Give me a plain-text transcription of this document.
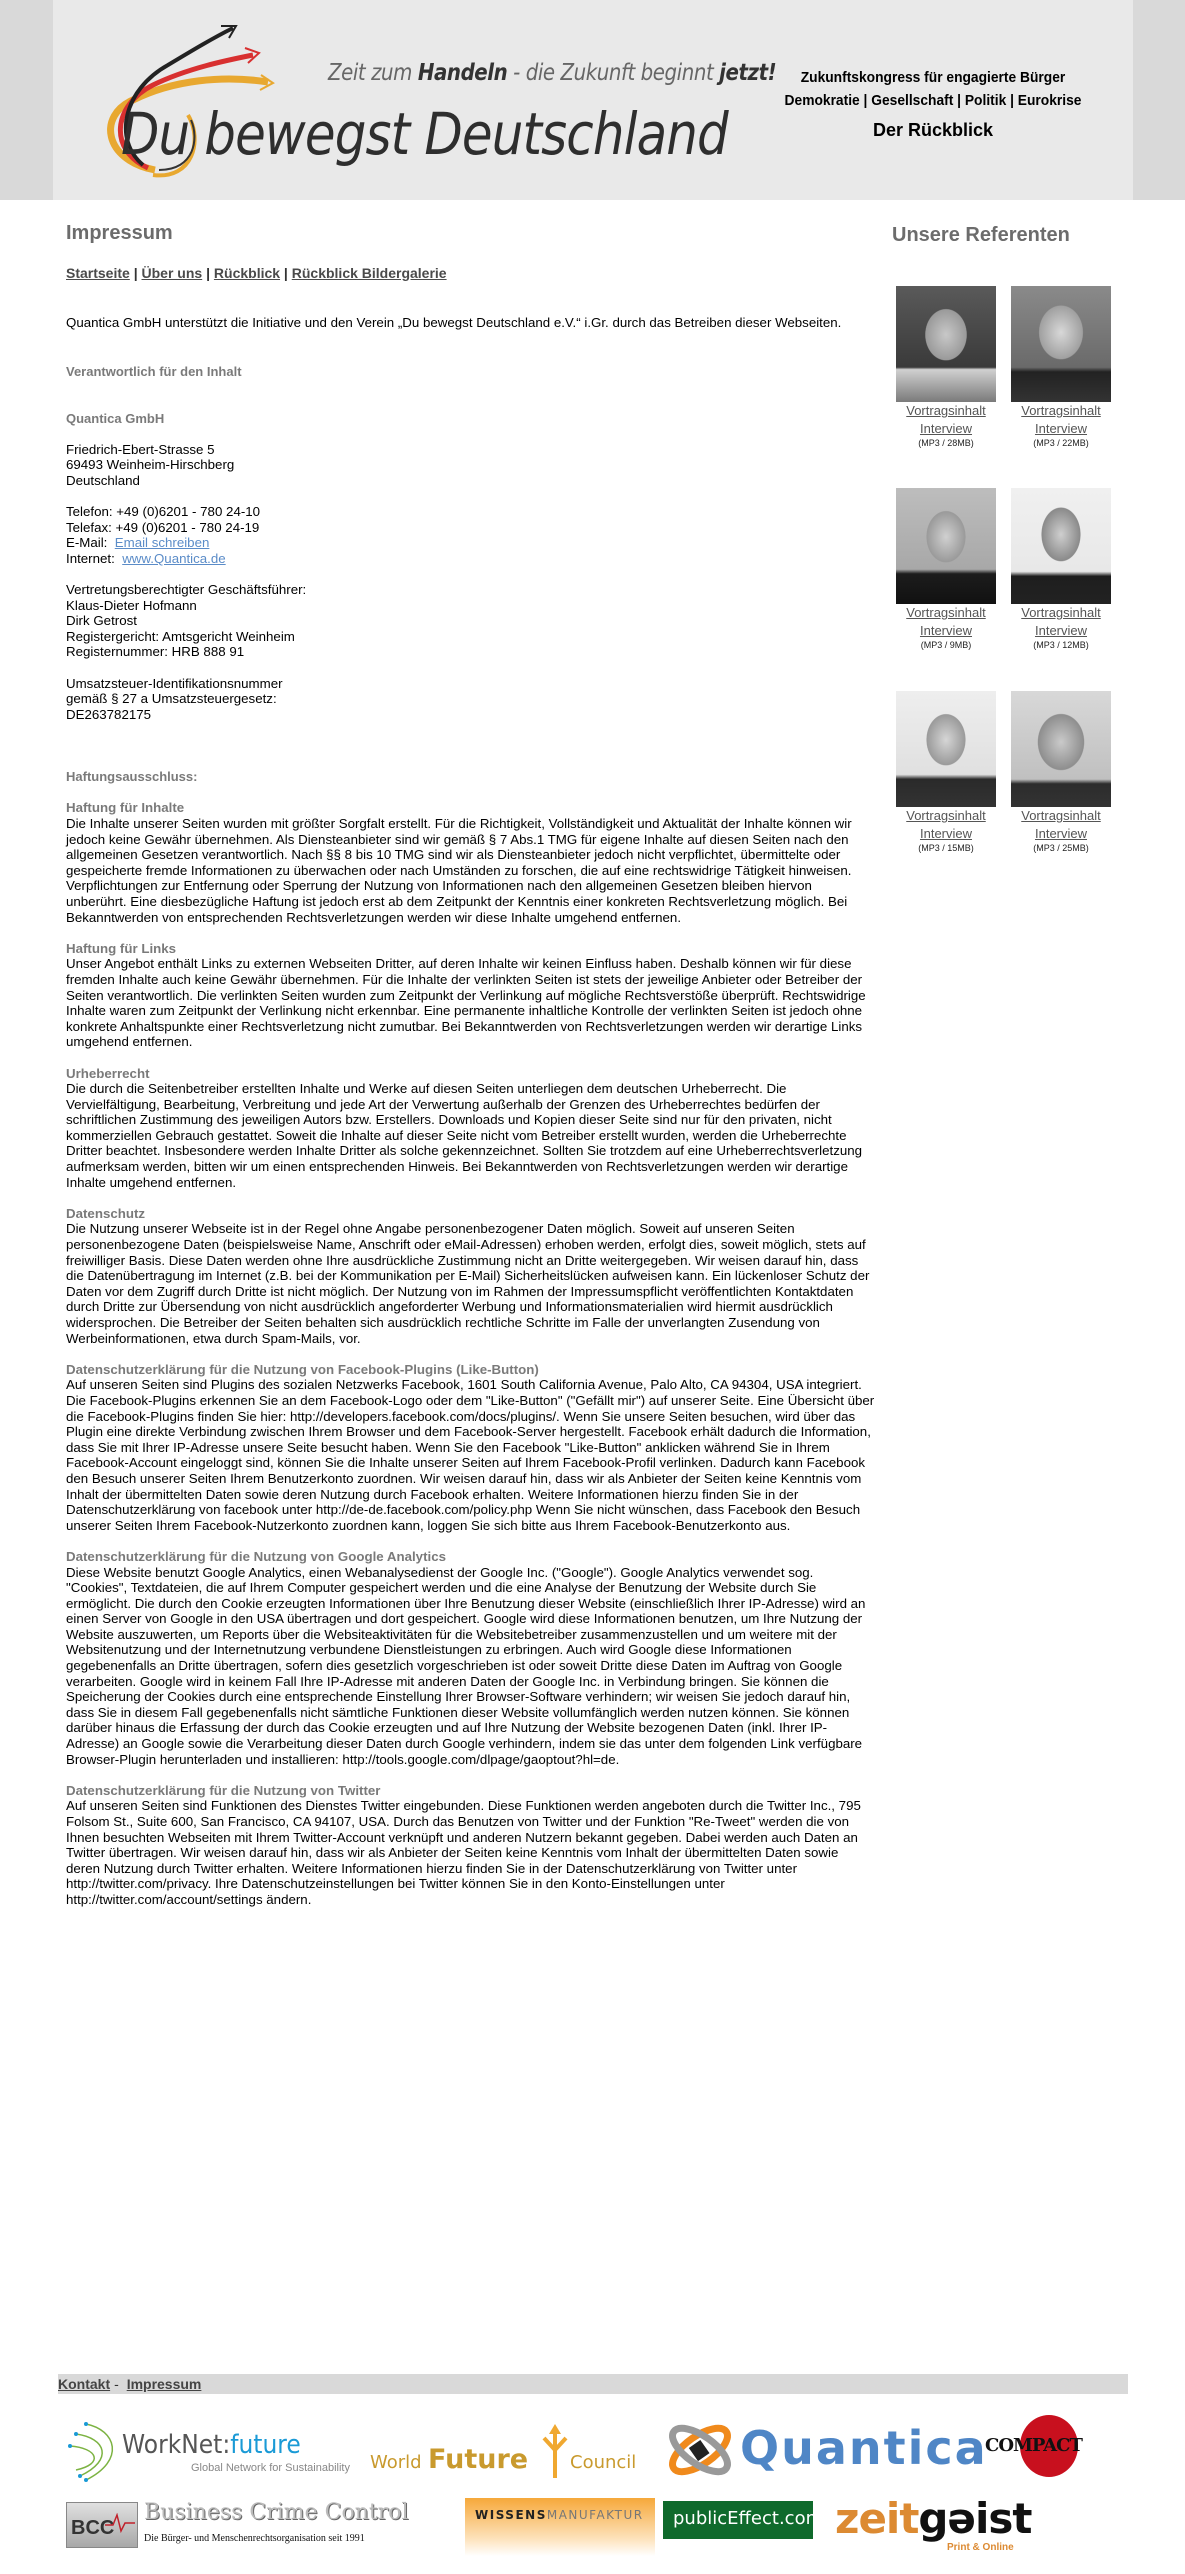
Zeit zum Handeln - die Zukunft beginnt jetzt!
Du bewegst Deutschland
Zukunftskongress für engagierte Bürger
Demokratie | Gesellschaft | Politik | Eurokrise
Der Rückblick
Impressum
Startseite | Über uns | Rückblick | Rückblick Bildergalerie
Quantica GmbH unterstützt die Initiative und den Verein „Du bewegst Deutschland e.V.“ i.Gr. durch das Betreiben dieser Webseiten.
Verantwortlich für den Inhalt
Quantica GmbH
Friedrich-Ebert-Strasse 5
69493 Weinheim-Hirschberg
Deutschland
Telefon: +49 (0)6201 - 780 24-10
Telefax: +49 (0)6201 - 780 24-19
E-Mail: Email schreiben
Internet: www.Quantica.de
Vertretungsberechtigter Geschäftsführer:
Klaus-Dieter Hofmann
Dirk Getrost
Registergericht: Amtsgericht Weinheim
Registernummer: HRB 888 91
Umsatzsteuer-Identifikationsnummer
gemäß § 27 a Umsatzsteuergesetz:
DE263782175
Haftungsausschluss:
Haftung für Inhalte
Die Inhalte unserer Seiten wurden mit größter Sorgfalt erstellt. Für die Richtigkeit, Vollständigkeit und Aktualität der Inhalte können wir jedoch keine Gewähr übernehmen. Als Diensteanbieter sind wir gemäß § 7 Abs.1 TMG für eigene Inhalte auf diesen Seiten nach den allgemeinen Gesetzen verantwortlich. Nach §§ 8 bis 10 TMG sind wir als Diensteanbieter jedoch nicht verpflichtet, übermittelte oder gespeicherte fremde Informationen zu überwachen oder nach Umständen zu forschen, die auf eine rechtswidrige Tätigkeit hinweisen. Verpflichtungen zur Entfernung oder Sperrung der Nutzung von Informationen nach den allgemeinen Gesetzen bleiben hiervon unberührt. Eine diesbezügliche Haftung ist jedoch erst ab dem Zeitpunkt der Kenntnis einer konkreten Rechtsverletzung möglich. Bei Bekanntwerden von entsprechenden Rechtsverletzungen werden wir diese Inhalte umgehend entfernen.
Haftung für Links
Unser Angebot enthält Links zu externen Webseiten Dritter, auf deren Inhalte wir keinen Einfluss haben. Deshalb können wir für diese fremden Inhalte auch keine Gewähr übernehmen. Für die Inhalte der verlinkten Seiten ist stets der jeweilige Anbieter oder Betreiber der Seiten verantwortlich. Die verlinkten Seiten wurden zum Zeitpunkt der Verlinkung auf mögliche Rechtsverstöße überprüft. Rechtswidrige Inhalte waren zum Zeitpunkt der Verlinkung nicht erkennbar. Eine permanente inhaltliche Kontrolle der verlinkten Seiten ist jedoch ohne konkrete Anhaltspunkte einer Rechtsverletzung nicht zumutbar. Bei Bekanntwerden von Rechtsverletzungen werden wir derartige Links umgehend entfernen.
Urheberrecht
Die durch die Seitenbetreiber erstellten Inhalte und Werke auf diesen Seiten unterliegen dem deutschen Urheberrecht. Die Vervielfältigung, Bearbeitung, Verbreitung und jede Art der Verwertung außerhalb der Grenzen des Urheberrechtes bedürfen der schriftlichen Zustimmung des jeweiligen Autors bzw. Erstellers. Downloads und Kopien dieser Seite sind nur für den privaten, nicht kommerziellen Gebrauch gestattet. Soweit die Inhalte auf dieser Seite nicht vom Betreiber erstellt wurden, werden die Urheberrechte Dritter beachtet. Insbesondere werden Inhalte Dritter als solche gekennzeichnet. Sollten Sie trotzdem auf eine Urheberrechtsverletzung aufmerksam werden, bitten wir um einen entsprechenden Hinweis. Bei Bekanntwerden von Rechtsverletzungen werden wir derartige Inhalte umgehend entfernen.
Datenschutz
Die Nutzung unserer Webseite ist in der Regel ohne Angabe personenbezogener Daten möglich. Soweit auf unseren Seiten personenbezogene Daten (beispielsweise Name, Anschrift oder eMail-Adressen) erhoben werden, erfolgt dies, soweit möglich, stets auf freiwilliger Basis. Diese Daten werden ohne Ihre ausdrückliche Zustimmung nicht an Dritte weitergegeben. Wir weisen darauf hin, dass die Datenübertragung im Internet (z.B. bei der Kommunikation per E-Mail) Sicherheitslücken aufweisen kann. Ein lückenloser Schutz der Daten vor dem Zugriff durch Dritte ist nicht möglich. Der Nutzung von im Rahmen der Impressumspflicht veröffentlichten Kontaktdaten durch Dritte zur Übersendung von nicht ausdrücklich angeforderter Werbung und Informationsmaterialien wird hiermit ausdrücklich widersprochen. Die Betreiber der Seiten behalten sich ausdrücklich rechtliche Schritte im Falle der unverlangten Zusendung von Werbeinformationen, etwa durch Spam-Mails, vor.
Datenschutzerklärung für die Nutzung von Facebook-Plugins (Like-Button)
Auf unseren Seiten sind Plugins des sozialen Netzwerks Facebook, 1601 South California Avenue, Palo Alto, CA 94304, USA integriert. Die Facebook-Plugins erkennen Sie an dem Facebook-Logo oder dem "Like-Button" ("Gefällt mir") auf unserer Seite. Eine Übersicht über die Facebook-Plugins finden Sie hier: http://developers.facebook.com/docs/plugins/. Wenn Sie unsere Seiten besuchen, wird über das Plugin eine direkte Verbindung zwischen Ihrem Browser und dem Facebook-Server hergestellt. Facebook erhält dadurch die Information, dass Sie mit Ihrer IP-Adresse unsere Seite besucht haben. Wenn Sie den Facebook "Like-Button" anklicken während Sie in Ihrem Facebook-Account eingeloggt sind, können Sie die Inhalte unserer Seiten auf Ihrem Facebook-Profil verlinken. Dadurch kann Facebook den Besuch unserer Seiten Ihrem Benutzerkonto zuordnen. Wir weisen darauf hin, dass wir als Anbieter der Seiten keine Kenntnis vom Inhalt der übermittelten Daten sowie deren Nutzung durch Facebook erhalten. Weitere Informationen hierzu finden Sie in der Datenschutzerklärung von facebook unter http://de-de.facebook.com/policy.php Wenn Sie nicht wünschen, dass Facebook den Besuch unserer Seiten Ihrem Facebook-Nutzerkonto zuordnen kann, loggen Sie sich bitte aus Ihrem Facebook-Benutzerkonto aus.
Datenschutzerklärung für die Nutzung von Google Analytics
Diese Website benutzt Google Analytics, einen Webanalysedienst der Google Inc. ("Google"). Google Analytics verwendet sog. "Cookies", Textdateien, die auf Ihrem Computer gespeichert werden und die eine Analyse der Benutzung der Website durch Sie ermöglicht. Die durch den Cookie erzeugten Informationen über Ihre Benutzung dieser Website (einschließlich Ihrer IP-Adresse) wird an einen Server von Google in den USA übertragen und dort gespeichert. Google wird diese Informationen benutzen, um Ihre Nutzung der Website auszuwerten, um Reports über die Websiteaktivitäten für die Websitebetreiber zusammenzustellen und um weitere mit der Websitenutzung und der Internetnutzung verbundene Dienstleistungen zu erbringen. Auch wird Google diese Informationen gegebenenfalls an Dritte übertragen, sofern dies gesetzlich vorgeschrieben ist oder soweit Dritte diese Daten im Auftrag von Google verarbeiten. Google wird in keinem Fall Ihre IP-Adresse mit anderen Daten der Google Inc. in Verbindung bringen. Sie können die Speicherung der Cookies durch eine entsprechende Einstellung Ihrer Browser-Software verhindern; wir weisen Sie jedoch darauf hin, dass Sie in diesem Fall gegebenenfalls nicht sämtliche Funktionen dieser Website vollumfänglich werden nutzen können. Sie können darüber hinaus die Erfassung der durch das Cookie erzeugten und auf Ihre Nutzung der Website bezogenen Daten (inkl. Ihrer IP-Adresse) an Google sowie die Verarbeitung dieser Daten durch Google verhindern, indem sie das unter dem folgenden Link verfügbare Browser-Plugin herunterladen und installieren: http://tools.google.com/dlpage/gaoptout?hl=de.
Datenschutzerklärung für die Nutzung von Twitter
Auf unseren Seiten sind Funktionen des Dienstes Twitter eingebunden. Diese Funktionen werden angeboten durch die Twitter Inc., 795 Folsom St., Suite 600, San Francisco, CA 94107, USA. Durch das Benutzen von Twitter und der Funktion "Re-Tweet" werden die von Ihnen besuchten Webseiten mit Ihrem Twitter-Account verknüpft und anderen Nutzern bekannt gegeben. Dabei werden auch Daten an Twitter übertragen. Wir weisen darauf hin, dass wir als Anbieter der Seiten keine Kenntnis vom Inhalt der übermittelten Daten sowie deren Nutzung durch Twitter erhalten. Weitere Informationen hierzu finden Sie in der Datenschutzerklärung von Twitter unter http://twitter.com/privacy. Ihre Datenschutzeinstellungen bei Twitter können Sie in den Konto-Einstellungen unter http://twitter.com/account/settings ändern.
Unsere Referenten
Vortragsinhalt
Interview
(MP3 / 28MB)
Vortragsinhalt
Interview
(MP3 / 22MB)
Vortragsinhalt
Interview
(MP3 / 9MB)
Vortragsinhalt
Interview
(MP3 / 12MB)
Vortragsinhalt
Interview
(MP3 / 15MB)
Vortragsinhalt
Interview
(MP3 / 25MB)
Kontakt - Impressum
WorkNet:future
Global Network for Sustainability World Future Council Quantica
COMPACT
BCC
Business Crime Control
Die Bürger- und Menschenrechtsorganisation seit 1991
WISSENSMANUFAKTUR publicEffect.com zeitgəist
Print & Online
